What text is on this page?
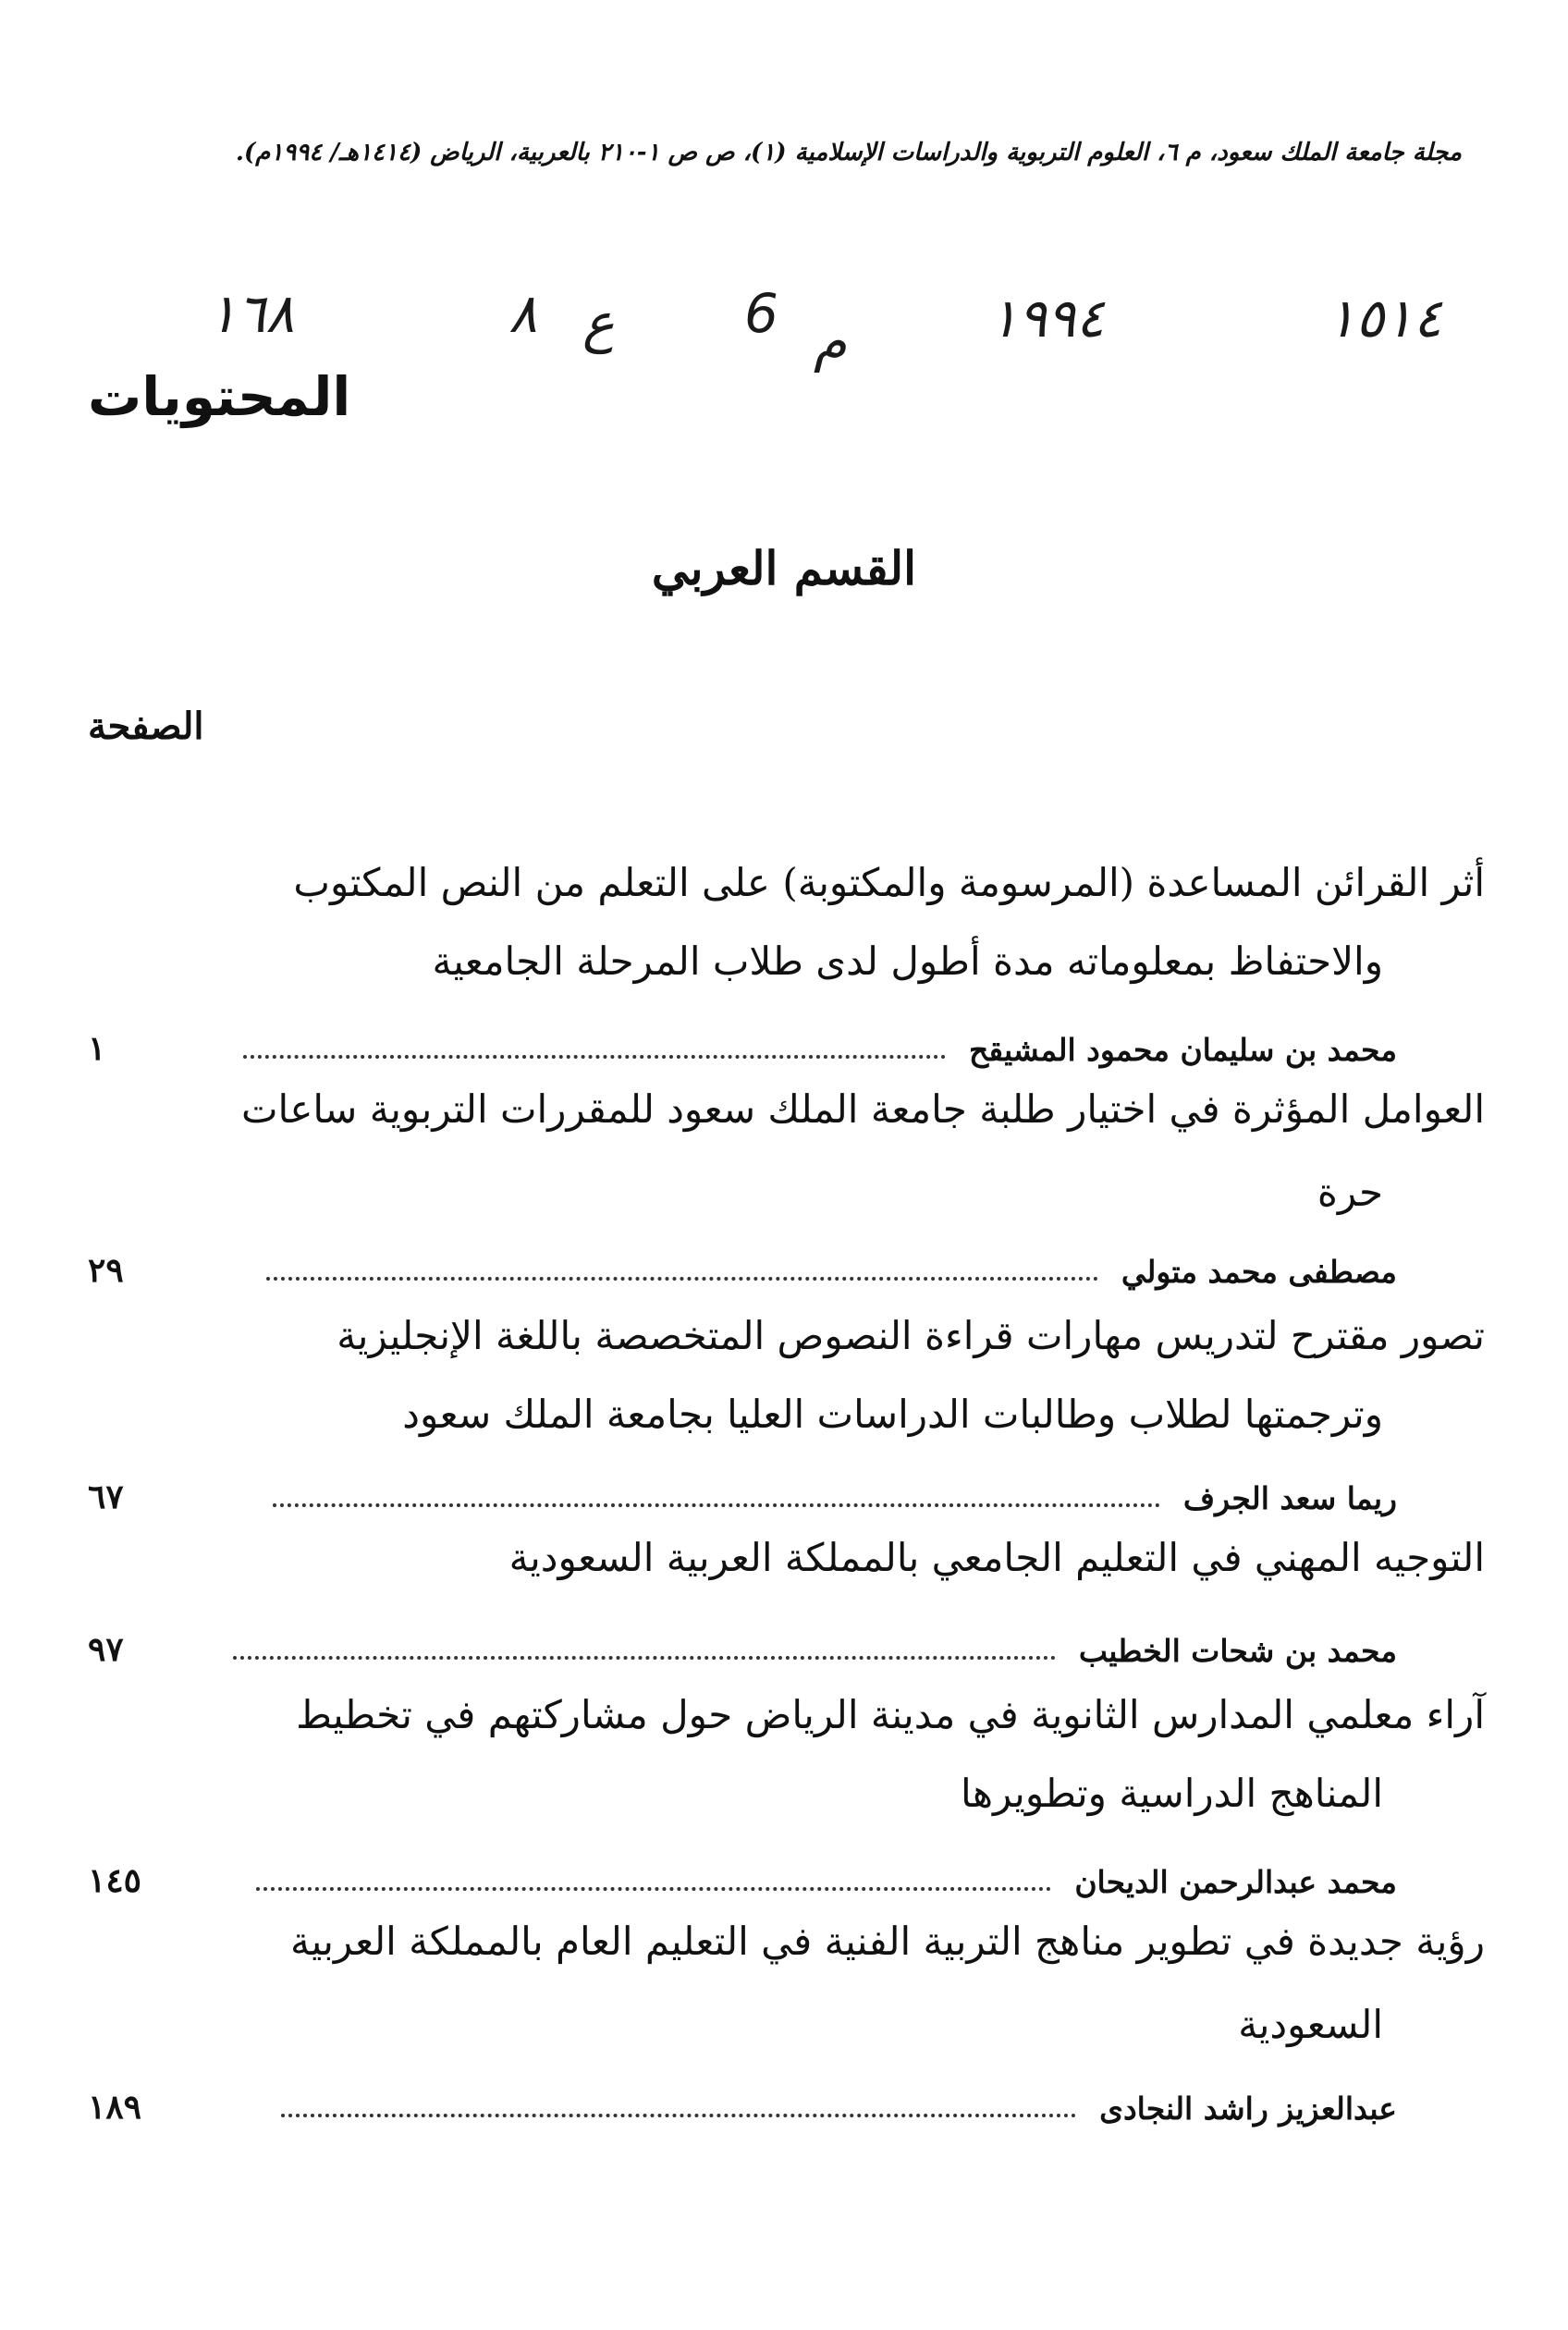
مجلة جامعة الملك سعود، م ٦، العلوم التربوية والدراسات الإسلامية (١)، ص ص ١-٢١٠ بالعربية، الرياض (١٤١٤هـ/ ١٩٩٤م).
١٥١٤
١٩٩٤
م
6
ع
٨
١٦٨
المحتويات
القسم العربي
الصفحة
أثر القرائن المساعدة (المرسومة والمكتوبة) على التعلم من النص المكتوب
والاحتفاظ بمعلوماته مدة أطول لدى طلاب المرحلة الجامعية
محمد بن سليمان محمود المشيقح
١
العوامل المؤثرة في اختيار طلبة جامعة الملك سعود للمقررات التربوية ساعات
حرة
مصطفى محمد متولي
٢٩
تصور مقترح لتدريس مهارات قراءة النصوص المتخصصة باللغة الإنجليزية
وترجمتها لطلاب وطالبات الدراسات العليا بجامعة الملك سعود
ريما سعد الجرف
٦٧
التوجيه المهني في التعليم الجامعي بالمملكة العربية السعودية
محمد بن شحات الخطيب
٩٧
آراء معلمي المدارس الثانوية في مدينة الرياض حول مشاركتهم في تخطيط
المناهج الدراسية وتطويرها
محمد عبدالرحمن الديحان
١٤٥
رؤية جديدة في تطوير مناهج التربية الفنية في التعليم العام بالمملكة العربية
السعودية
عبدالعزيز راشد النجادى
١٨٩
